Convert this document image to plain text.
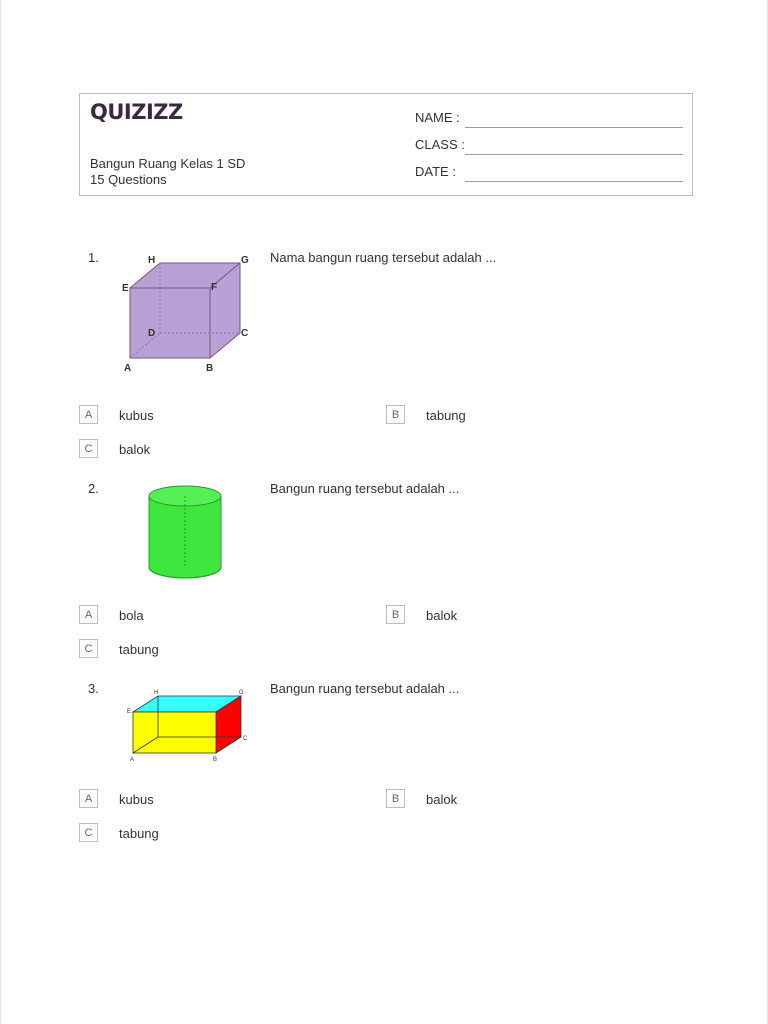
QUIZIZZ
Bangun Ruang Kelas 1 SD
15 Questions
NAME :
CLASS :
DATE :
1.	H	G
E	F
D	C
A	B
Nama bangun ruang tersebut adalah ...
A	kubus	B	tabung
C	balok
2.	Bangun ruang tersebut adalah ...
A	bola	B	balok
C	tabung
3.	H	G
E
C
A	B
Bangun ruang tersebut adalah ...
A	kubus	B	balok
C	tabung
